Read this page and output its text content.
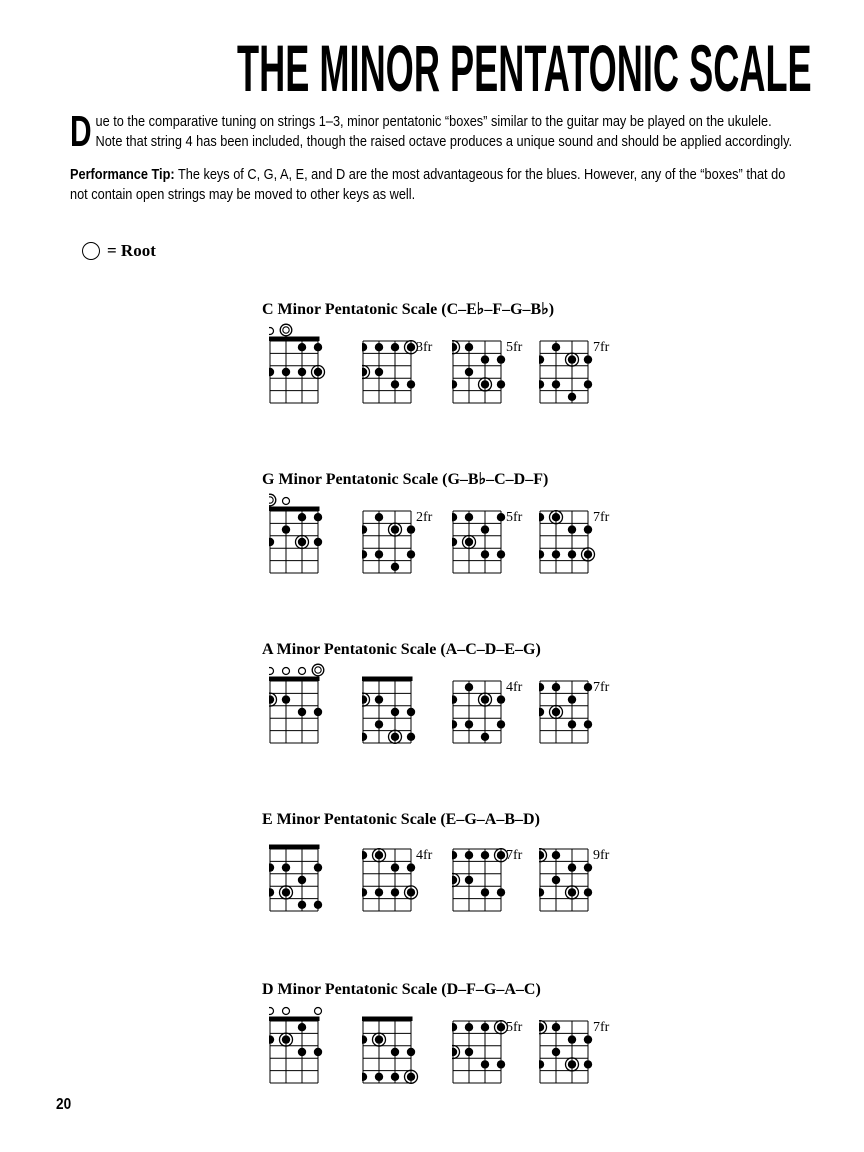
THE MINOR PENTATONIC SCALE

Due to the comparative tuning on strings 1–3, minor pentatonic “boxes” similar to the guitar may be played on the ukulele. Note that string 4 has been included, though the raised octave produces a unique sound and should be applied accordingly.

Performance Tip: The keys of C, G, A, E, and D are the most advantageous for the blues. However, any of the “boxes” that do not contain open strings may be moved to other keys as well.

= Root
C Minor Pentatonic Scale (C–E♭–F–G–B♭)
3fr	5fr	7fr
G Minor Pentatonic Scale (G–B♭–C–D–F)
2fr	5fr	7fr
A Minor Pentatonic Scale (A–C–D–E–G)
4fr	7fr
E Minor Pentatonic Scale (E–G–A–B–D)
4fr	7fr	9fr
D Minor Pentatonic Scale (D–F–G–A–C)
5fr	7fr
20
